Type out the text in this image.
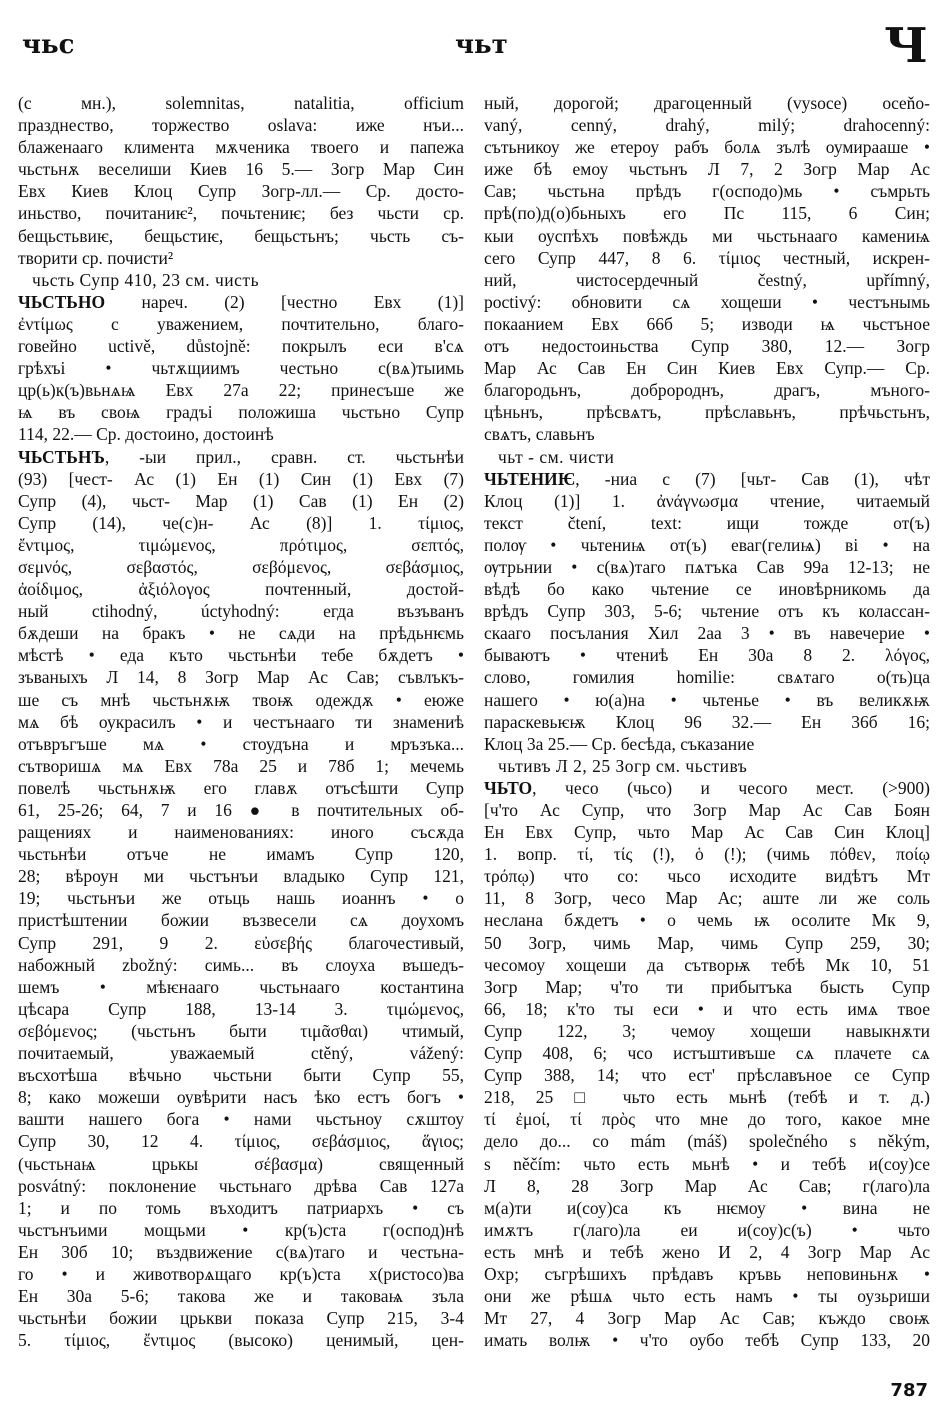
чьс	чьт	Ч
(с мн.), solemnitas, natalitia, officium
празднество, торжество oslava: иже нъи...
блаженааго климента мѫченика твоего и папежа
чьстьнѫ веселиши Киев 16 5.— Зогр Мар Син
Евх Киев Клоц Супр Зогр-лл.— Ср. досто-
иньство, почитаниѥ², почьтениѥ; без чьсти ср.
бещьстьвиѥ, бещьстиѥ, бещьстьнъ; чьсть съ-
творити ср. почисти²
чьсть Супр 410, 23 см. чисть
ЧЬСТЬНО нареч. (2) [честно Евх (1)]
ἐντίμως с уважением, почтительно, благо-
говейно uctivě, důstojně: покрылъ еси в'сѧ
грѣхъі • чьтѫщиимъ честьно с(вѧ)тыимь
цр(ь)к(ъ)вьнѧѩ Евх 27а 22; принесъше же
ѩ въ своѩ градъі положиша чьстьно Супр
114, 22.— Ср. достоино, достоинѣ
ЧЬСТЬНЪ, -ыи прил., сравн. ст. чьстьнѣи
(93) [чест- Ас (1) Ен (1) Син (1) Евх (7)
Супр (4), чьст- Мар (1) Сав (1) Ен (2)
Супр (14), че(с)н- Ас (8)] 1. τίμιος,
ἔντιμος, τιμώμενος, πρότιμος, σεπτός,
σεμνός, σεβαστός, σεβόμενος, σεβάσμιος,
ἀοίδιμος, ἀξιόλογος почтенный, достой-
ный ctihodný, úctyhodný: егда възъванъ
бѫдеши на бракъ • не сѧди на прѣдьнѥмь
мѣстѣ • еда къто чьстьнѣи тебе бѫдетъ •
зъваныхъ Л 14, 8 Зогр Мар Ас Сав; съвлъкъ-
ше съ мнѣ чьстьнѫѭ твоѭ одеждѫ • еюже
мѧ бѣ оукрасилъ • и честънааго ти знамениѣ
отъвръгъше мѧ • стоудъна и мръзъка...
сътворишѧ мѧ Евх 78а 25 и 78б 1; мечемь
повелѣ чьстьнѫѭ его главѫ отъсѣшти Супр
61, 25-26; 64, 7 и 16 ● в почтительных об-
ращениях и наименованиях: иного съсѫда
чьстьнѣи отъче не имамъ Супр 120,
28; вѣроун ми чьстънъи владыко Супр 121,
19; чьстьнъи же отьць нашь иоаннъ • о
пристѣштении божии възвесели сѧ доухомъ
Супр 291, 9 2. εὐσεβής благочестивый,
набожный zbožný: симь... въ слоуха въшедъ-
шемъ • мѣѥнааго чьстьнааго костантина
цѣсара Супр 188, 13-14 3. τιμώμενος,
σεβόμενος; (чьстьнъ быти τιμᾶσθαι) чтимый,
почитаемый, уважаемый ctěný, vážený:
въсхотѣша вѣчьно чьстьни быти Супр 55,
8; како можеши оувѣрити насъ ѣко естъ богъ •
вашти нашего бога • нами чьстьноу сѫштоу
Супр 30, 12 4. τίμιος, σεβάσμιος, ἅγιος;
(чьстьнаѩ црькы σέβασμα) священный
posvátný: поклонение чьстьнаго дрѣва Сав 127а
1; и по томь въходитъ патриархъ • съ
чьстънъими мощьми • кр(ъ)ста г(оспод)нѣ
Ен 30б 10; въздвижение с(вѧ)таго и честьна-
го • и животворѧщаго кр(ъ)ста х(ристосо)ва
Ен 30а 5-6; такова же и таковаѩ зъла
чьстьнѣи божии црькви показа Супр 215, 3-4
5. τίμιος, ἔντιμος (высоко) ценимый, цен-
ный, дорогой; драгоценный (vysoce) oceňo-
vaný, cenný, drahý, milý; drahocenný:
сътьникоу же етероу рабъ болѧ зълѣ оумирааше •
иже бѣ емоу чьстьнъ Л 7, 2 Зогр Мар Ас
Сав; чьстьна прѣдъ г(осподо)мь • съмрьть
прѣ(по)д(о)бьныхъ его Пс 115, 6 Син;
кыи оуспѣхъ повѣждь ми чьстьнааго камениѩ
сего Супр 447, 8 6. τίμιος честный, искрен-
ний, чистосердечный čestný, upřímný,
poctivý: обновити сѧ хощеши • честънымь
покаанием Евх 66б 5; изводи ѩ чьстъное
отъ недостоиньства Супр 380, 12.— Зогр
Мар Ас Сав Ен Син Киев Евх Супр.— Ср.
благородьнъ, добророднъ, драгъ, мъного-
цѣньнъ, прѣсвѧтъ, прѣславьнъ, прѣчьстьнъ,
свѧтъ, славьнъ
чьт - см. чисти
ЧЬТЕНИѤ, -ниа с (7) [чьт- Сав (1), чѣт
Клоц (1)] 1. ἀνάγνωσμα чтение, читаемый
текст čtení, text: ищи тожде от(ъ)
полѹ • чьтениѩ от(ъ) еваг(гелиѩ) ві • на
ѹтрьнии • с(вѧ)таго пѧтъка Сав 99а 12-13; не
вѣдѣ бо како чьтение се иновѣрникомь да
врѣдъ Супр 303, 5-6; чьтение отъ къ колассан-
скааго посълания Хил 2аа 3 • въ навечерие •
бываютъ • чтениѣ Ен 30а 8 2. λόγος,
слово, гомилия homilie: свѧтаго о(ть)ца
нашего • ю(а)на • чьтенье • въ великѫѭ
параскевьѥѭ Клоц 96 32.— Ен 36б 16;
Клоц 3а 25.— Ср. бесѣда, съказание
чьтивъ Л 2, 25 Зогр см. чьстивъ
ЧЬТО, чесо (чьсо) и чесого мест. (>900)
[ч'то Ас Супр, что Зогр Мар Ас Сав Боян
Ен Евх Супр, чьто Мар Ас Сав Син Клоц]
1. вопр. τί, τίς (!), ὁ (!); (чимь πόθεν, ποίῳ
τρόπῳ) что co: чьсо исходите видѣтъ Мт
11, 8 Зогр, чесо Мар Ас; аште ли же соль
неслана бѫдетъ • о чемь ѭ осолите Мк 9,
50 Зогр, чимь Мар, чимь Супр 259, 30;
чесомоу хощеши да сътворѭ тебѣ Мк 10, 51
Зогр Мар; ч'то ти прибытъка бысть Супр
66, 18; к'то ты еси • и что есть имѧ твое
Супр 122, 3; чемоу хощеши навыкнѫти
Супр 408, 6; чсо истъштивъше сѧ плачете сѧ
Супр 388, 14; что ест' прѣславъное се Супр
218, 25 □ чьто есть мьнѣ (тебѣ и т. д.)
τί ἐμοί, τί πρὸς что мне до того, какое мне
дело до... co mám (máš) společného s někým,
s něčím: чьто есть мьнѣ • и тебѣ и(соу)се
Л 8, 28 Зогр Мар Ас Сав; г(лаго)ла
м(а)ти и(соу)са къ нѥмоу • вина не
имѫтъ г(лаго)ла еи и(соу)с(ъ) • чьто
есть мнѣ и тебѣ жено И 2, 4 Зогр Мар Ас
Охр; съгрѣшихъ прѣдавъ кръвь неповиньнѫ •
они же рѣшѧ чьто есть намъ • ты оузьриши
Мт 27, 4 Зогр Мар Ас Сав; къждо своѭ
имать волѭ • ч'то оубо тебѣ Супр 133, 20
787
